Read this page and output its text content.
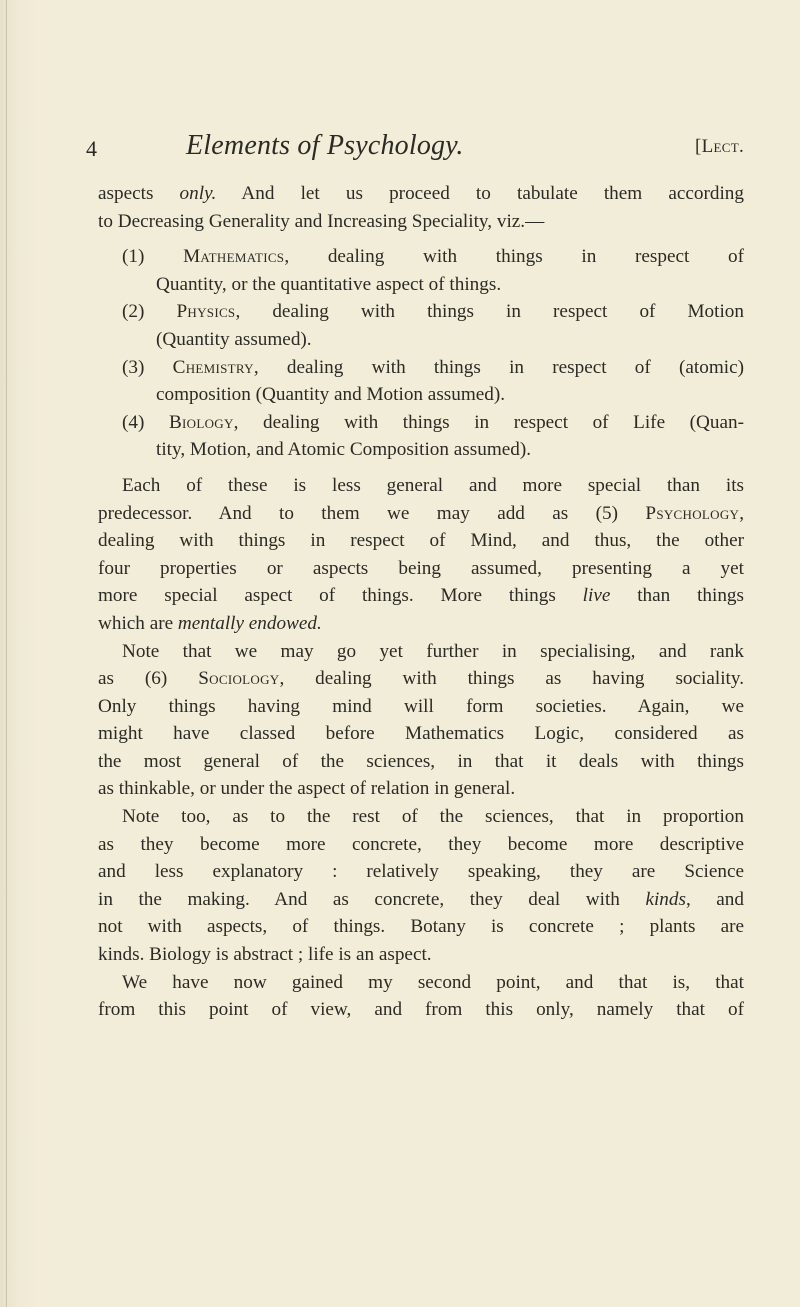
4	Elements of Psychology.	[Lect.
aspects only. And let us proceed to tabulate them according
to Decreasing Generality and Increasing Speciality, viz.—
(1) Mathematics, dealing with things in respect of
Quantity, or the quantitative aspect of things.
(2) Physics, dealing with things in respect of Motion
(Quantity assumed).
(3) Chemistry, dealing with things in respect of (atomic)
composition (Quantity and Motion assumed).
(4) Biology, dealing with things in respect of Life (Quan-
tity, Motion, and Atomic Composition assumed).
Each of these is less general and more special than its
predecessor. And to them we may add as (5) Psychology,
dealing with things in respect of Mind, and thus, the other
four properties or aspects being assumed, presenting a yet
more special aspect of things. More things live than things
which are mentally endowed.
Note that we may go yet further in specialising, and rank
as (6) Sociology, dealing with things as having sociality.
Only things having mind will form societies. Again, we
might have classed before Mathematics Logic, considered as
the most general of the sciences, in that it deals with things
as thinkable, or under the aspect of relation in general.
Note too, as to the rest of the sciences, that in proportion
as they become more concrete, they become more descriptive
and less explanatory : relatively speaking, they are Science
in the making. And as concrete, they deal with kinds, and
not with aspects, of things. Botany is concrete ; plants are
kinds. Biology is abstract ; life is an aspect.
We have now gained my second point, and that is, that
from this point of view, and from this only, namely that of
